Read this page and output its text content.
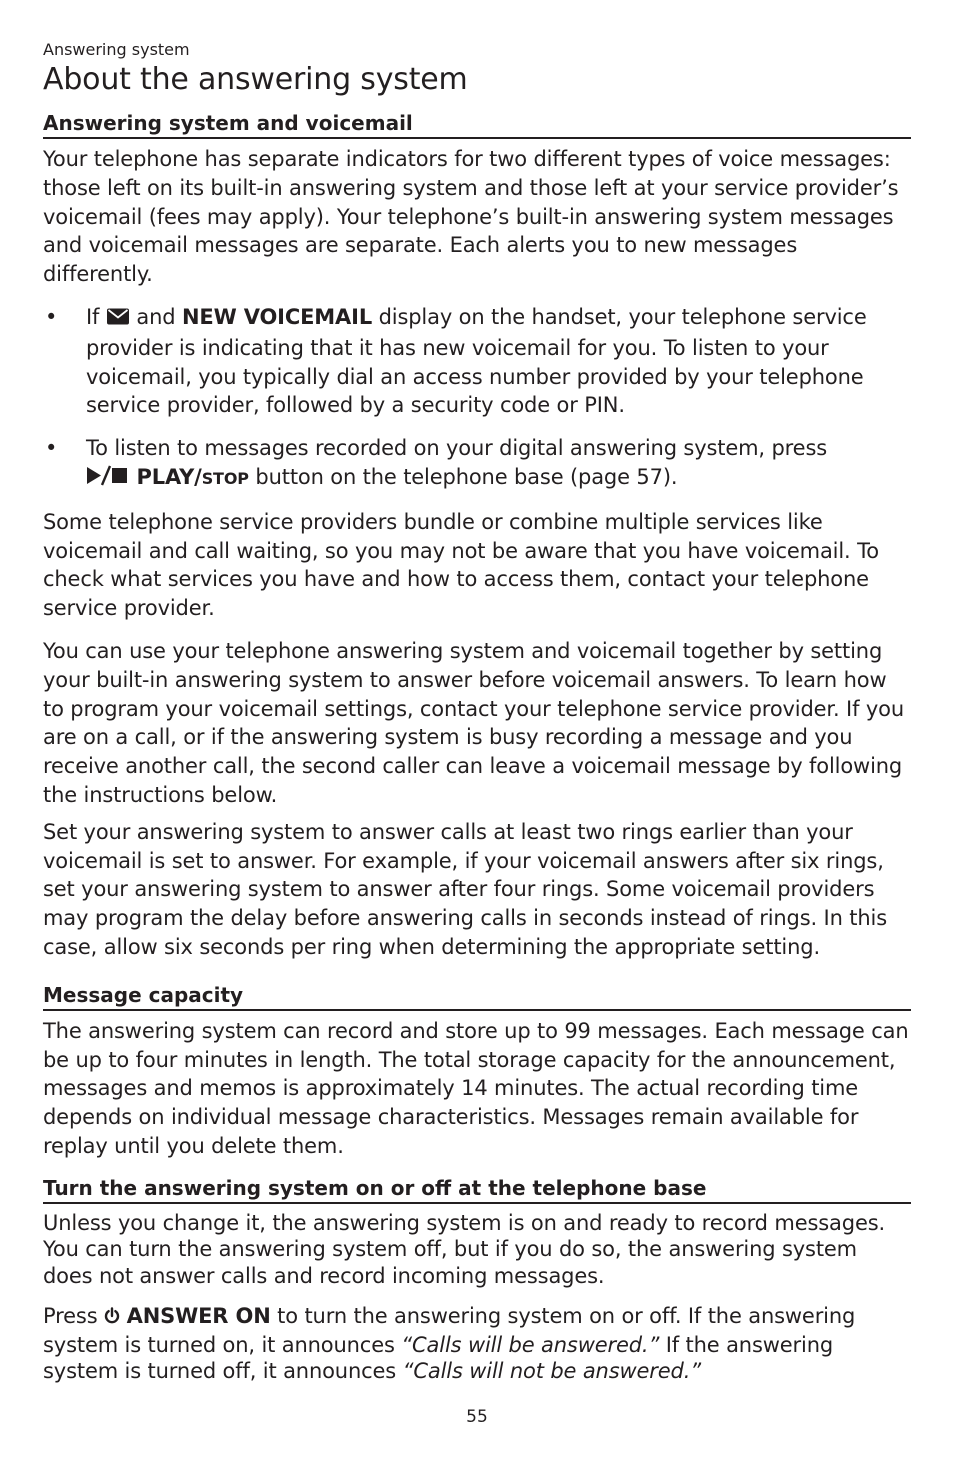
Answering system
About the answering system
Answering system and voicemail

Your telephone has separate indicators for two different types of voice messages: those left on its built-in answering system and those left at your service provider’s voicemail (fees may apply). Your telephone’s built-in answering system messages and voicemail messages are separate. Each alerts you to new messages differently.

• If and NEW VOICEMAIL display on the handset, your telephone service provider is indicating that it has new voicemail for you. To listen to your voicemail, you typically dial an access number provided by your telephone service provider, followed by a security code or PIN.
• To listen to messages recorded on your digital answering system, press
PLAY/STOP button on the telephone base (page 57).

Some telephone service providers bundle or combine multiple services like voicemail and call waiting, so you may not be aware that you have voicemail. To check what services you have and how to access them, contact your telephone service provider.

You can use your telephone answering system and voicemail together by setting your built-in answering system to answer before voicemail answers. To learn how to program your voicemail settings, contact your telephone service provider. If you are on a call, or if the answering system is busy recording a message and you receive another call, the second caller can leave a voicemail message by following the instructions below.

Set your answering system to answer calls at least two rings earlier than your voicemail is set to answer. For example, if your voicemail answers after six rings, set your answering system to answer after four rings. Some voicemail providers may program the delay before answering calls in seconds instead of rings. In this case, allow six seconds per ring when determining the appropriate setting.

Message capacity

The answering system can record and store up to 99 messages. Each message can be up to four minutes in length. The total storage capacity for the announcement, messages and memos is approximately 14 minutes. The actual recording time depends on individual message characteristics. Messages remain available for replay until you delete them.

Turn the answering system on or off at the telephone base

Unless you change it, the answering system is on and ready to record messages. You can turn the answering system off, but if you do so, the answering system does not answer calls and record incoming messages.

Press ANSWER ON to turn the answering system on or off. If the answering system is turned on, it announces “Calls will be answered.” If the answering system is turned off, it announces “Calls will not be answered.”

55
